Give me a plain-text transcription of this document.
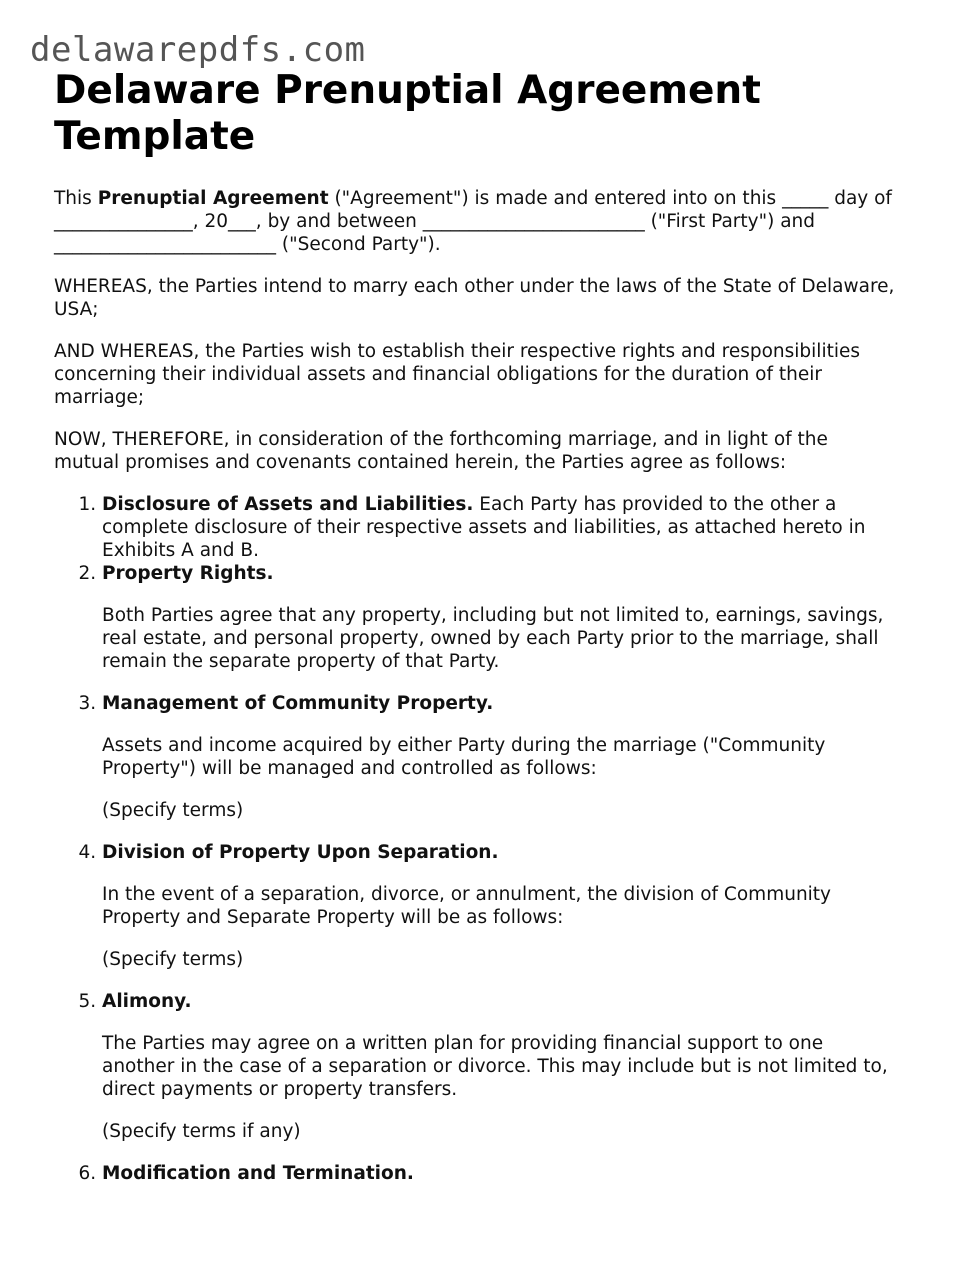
delawarepdfs.com
Delaware Prenuptial Agreement
Template

This Prenuptial Agreement ("Agreement") is made and entered into on this _____ day of
_______________, 20___, by and between ________________________ ("First Party") and
________________________ ("Second Party").

WHEREAS, the Parties intend to marry each other under the laws of the State of Delaware,
USA;

AND WHEREAS, the Parties wish to establish their respective rights and responsibilities
concerning their individual assets and financial obligations for the duration of their
marriage;

NOW, THEREFORE, in consideration of the forthcoming marriage, and in light of the
mutual promises and covenants contained herein, the Parties agree as follows:

1. Disclosure of Assets and Liabilities. Each Party has provided to the other a
complete disclosure of their respective assets and liabilities, as attached hereto in
Exhibits A and B.
2. Property Rights.

Both Parties agree that any property, including but not limited to, earnings, savings,
real estate, and personal property, owned by each Party prior to the marriage, shall
remain the separate property of that Party.

3. Management of Community Property.

Assets and income acquired by either Party during the marriage ("Community
Property") will be managed and controlled as follows:

(Specify terms)

4. Division of Property Upon Separation.

In the event of a separation, divorce, or annulment, the division of Community
Property and Separate Property will be as follows:

(Specify terms)

5. Alimony.

The Parties may agree on a written plan for providing financial support to one
another in the case of a separation or divorce. This may include but is not limited to,
direct payments or property transfers.

(Specify terms if any)

6. Modification and Termination.
